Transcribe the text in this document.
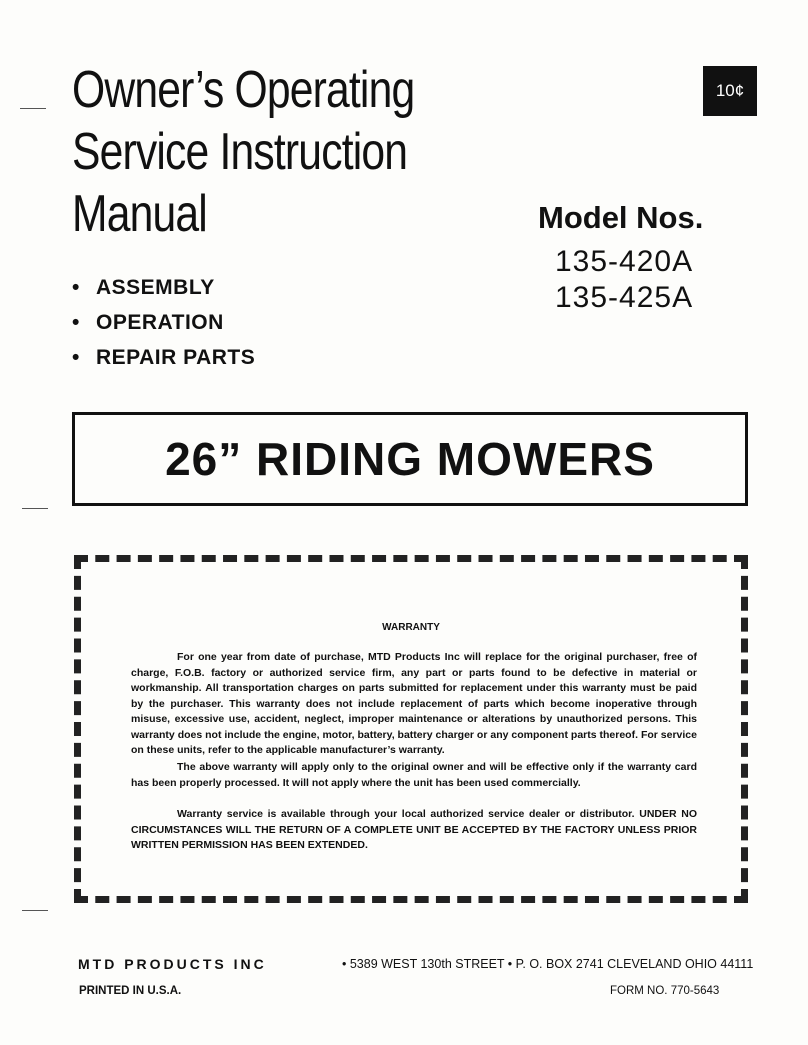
Owner’s Operating
Service Instruction
Manual
10¢
Model Nos.
135-420A
135-425A
• ASSEMBLY
• OPERATION
• REPAIR PARTS
26” RIDING MOWERS
WARRANTY
For one year from date of purchase, MTD Products Inc will replace for the original purchaser, free of charge, F.O.B. factory or authorized service firm, any part or parts found to be defective in material or workmanship. All transportation charges on parts submitted for replacement under this warranty must be paid by the purchaser. This warranty does not include replacement of parts which become inoperative through misuse, excessive use, accident, neglect, improper maintenance or alterations by unauthorized persons. This warranty does not include the engine, motor, battery, battery charger or any component parts thereof. For service on these units, refer to the applicable manufacturer’s warranty.
The above warranty will apply only to the original owner and will be effective only if the warranty card has been properly processed. It will not apply where the unit has been used commercially.
Warranty service is available through your local authorized service dealer or distributor. UNDER NO CIRCUMSTANCES WILL THE RETURN OF A COMPLETE UNIT BE ACCEPTED BY THE FACTORY UNLESS PRIOR WRITTEN PERMISSION HAS BEEN EXTENDED.
MTD PRODUCTS INC	• 5389 WEST 130th STREET • P. O. BOX 2741 CLEVELAND OHIO 44111
PRINTED IN U.S.A.	FORM NO. 770-5643
